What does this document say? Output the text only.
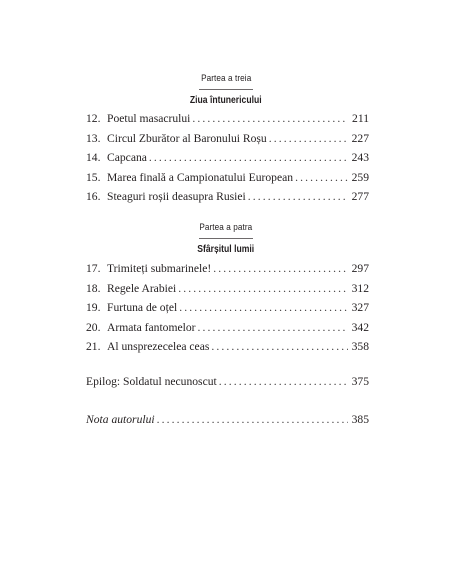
Partea a treia
Ziua întunericului
12. Poetul masacrului . . .	211
13. Circul Zburător al Baronului Roșu . . .	227
14. Capcana . . .	243
15. Marea finală a Campionatului European . . .	259
16. Steaguri roșii deasupra Rusiei . . .	277
Partea a patra
Sfârșitul lumii
17. Trimiteți submarinele! . . .	297
18. Regele Arabiei . . .	312
19. Furtuna de oțel . . .	327
20. Armata fantomelor . . .	342
21. Al unsprezecelea ceas . . .	358
Epilog: Soldatul necunoscut . . .	375
Nota autorului . . .	385
